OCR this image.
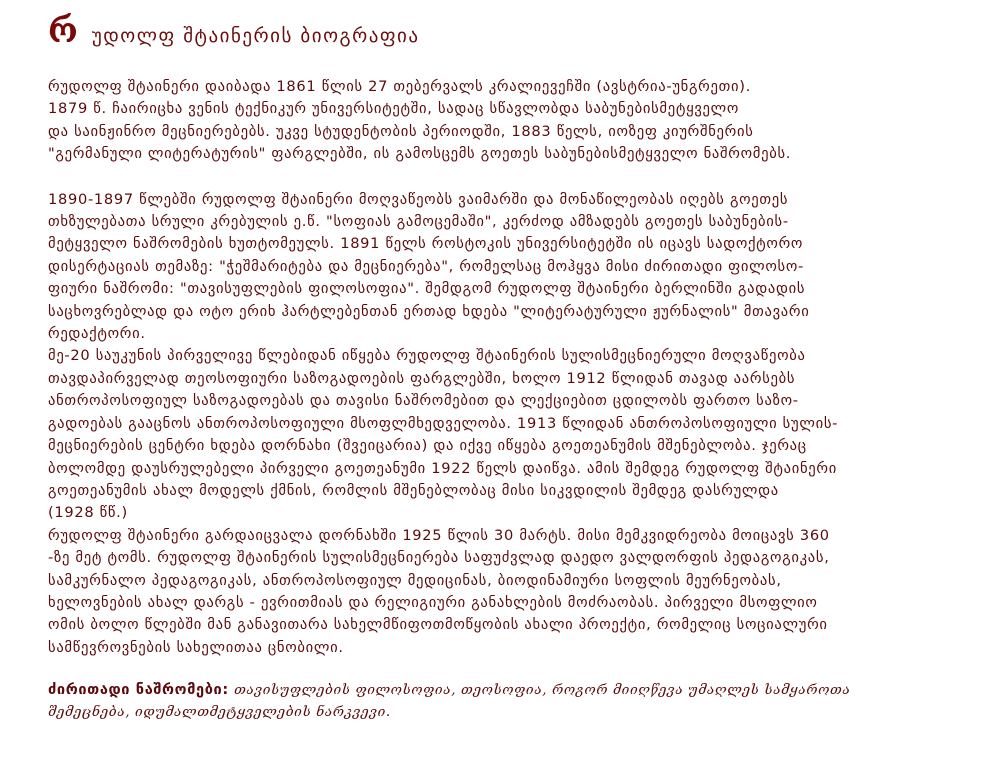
რ უდოლფ შტაინერის ბიოგრაფია
რუდოლფ შტაინერი დაიბადა 1861 წლის 27 თებერვალს კრალიევეჩში (ავსტრია-უნგრეთი).
1879 წ. ჩაირიცხა ვენის ტექნიკურ უნივერსიტეტში, სადაც სწავლობდა საბუნებისმეტყველო
და საინჟინრო მეცნიერებებს. უკვე სტუდენტობის პერიოდში, 1883 წელს, იოზეფ კიურშნერის
"გერმანული ლიტერატურის" ფარგლებში, ის გამოსცემს გოეთეს საბუნებისმეტყველო ნაშრომებს.
1890-1897 წლებში რუდოლფ შტაინერი მოღვაწეობს ვაიმარში და მონაწილეობას იღებს გოეთეს
თხზულებათა სრული კრებულის ე.წ. "სოფიას გამოცემაში", კერძოდ ამზადებს გოეთეს საბუნების-
მეტყველო ნაშრომების ხუთტომეულს. 1891 წელს როსტოკის უნივერსიტეტში ის იცავს სადოქტორო
დისერტაციას თემაზე: "ჭეშმარიტება და მეცნიერება", რომელსაც მოჰყვა მისი ძირითადი ფილოსო-
ფიური ნაშრომი: "თავისუფლების ფილოსოფია". შემდგომ რუდოლფ შტაინერი ბერლინში გადადის
საცხოვრებლად და ოტო ერიხ ჰარტლებენთან ერთად ხდება "ლიტერატურული ჟურნალის" მთავარი
რედაქტორი.
მე-20 საუკუნის პირველივე წლებიდან იწყება რუდოლფ შტაინერის სულისმეცნიერული მოღვაწეობა
თავდაპირველად თეოსოფიური საზოგადოების ფარგლებში, ხოლო 1912 წლიდან თავად აარსებს
ანთროპოსოფიულ საზოგადოებას და თავისი ნაშრომებით და ლექციებით ცდილობს ფართო საზო-
გადოებას გააცნოს ანთროპოსოფიული მსოფლმხედველობა. 1913 წლიდან ანთროპოსოფიული სულის-
მეცნიერების ცენტრი ხდება დორნახი (შვეიცარია) და იქვე იწყება გოეთეანუმის მშენებლობა. ჯერაც
ბოლომდე დაუსრულებელი პირველი გოეთეანუმი 1922 წელს დაიწვა. ამის შემდეგ რუდოლფ შტაინერი
გოეთეანუმის ახალ მოდელს ქმნის, რომლის მშენებლობაც მისი სიკვდილის შემდეგ დასრულდა
(1928 წწ.)
რუდოლფ შტაინერი გარდაიცვალა დორნახში 1925 წლის 30 მარტს. მისი მემკვიდრეობა მოიცავს 360
-ზე მეტ ტომს. რუდოლფ შტაინერის სულისმეცნიერება საფუძვლად დაედო ვალდორფის პედაგოგიკას,
სამკურნალო პედაგოგიკას, ანთროპოსოფიულ მედიცინას, ბიოდინამიური სოფლის მეურნეობას,
ხელოვნების ახალ დარგს - ევრითმიას და რელიგიური განახლების მოძრაობას. პირველი მსოფლიო
ომის ბოლო წლებში მან განავითარა სახელმწიფოთმოწყობის ახალი პროექტი, რომელიც სოციალური
სამწევროვნების სახელითაა ცნობილი.
ძირითადი ნაშრომები: თავისუფლების ფილოსოფია, თეოსოფია, როგორ მიიღწევა უმაღლეს სამყაროთა
შემეცნება, იდუმალთმეტყველების ნარკვევი.
